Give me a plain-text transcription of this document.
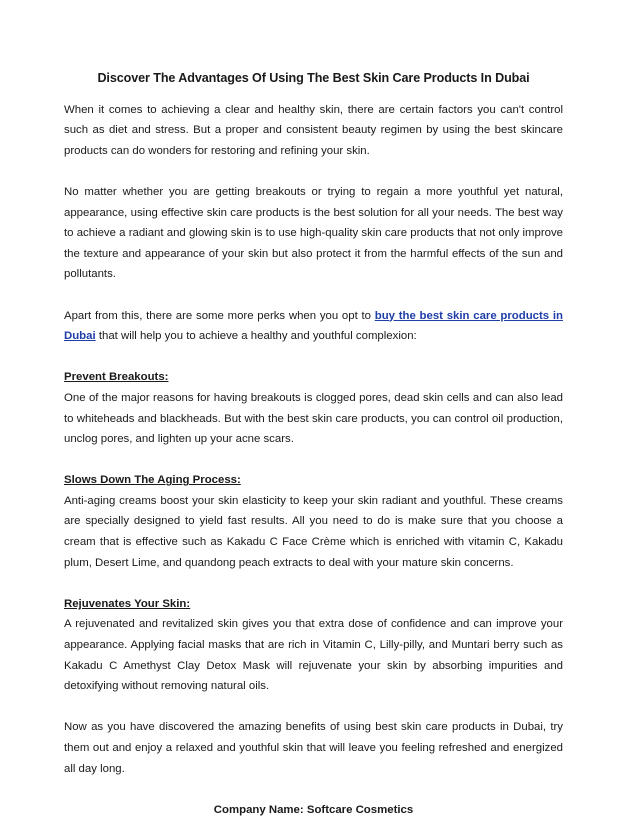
Discover The Advantages Of Using The Best Skin Care Products In Dubai

When it comes to achieving a clear and healthy skin, there are certain factors you can't control such as diet and stress. But a proper and consistent beauty regimen by using the best skincare products can do wonders for restoring and refining your skin.

No matter whether you are getting breakouts or trying to regain a more youthful yet natural, appearance, using effective skin care products is the best solution for all your needs. The best way to achieve a radiant and glowing skin is to use high-quality skin care products that not only improve the texture and appearance of your skin but also protect it from the harmful effects of the sun and pollutants.

Apart from this, there are some more perks when you opt to buy the best skin care products in Dubai that will help you to achieve a healthy and youthful complexion:

Prevent Breakouts:
One of the major reasons for having breakouts is clogged pores, dead skin cells and can also lead to whiteheads and blackheads. But with the best skin care products, you can control oil production, unclog pores, and lighten up your acne scars.

Slows Down The Aging Process:
Anti-aging creams boost your skin elasticity to keep your skin radiant and youthful. These creams are specially designed to yield fast results. All you need to do is make sure that you choose a cream that is effective such as Kakadu C Face Crème which is enriched with vitamin C, Kakadu plum, Desert Lime, and quandong peach extracts to deal with your mature skin concerns.

Rejuvenates Your Skin:
A rejuvenated and revitalized skin gives you that extra dose of confidence and can improve your appearance. Applying facial masks that are rich in Vitamin C, Lilly-pilly, and Muntari berry such as Kakadu C Amethyst Clay Detox Mask will rejuvenate your skin by absorbing impurities and detoxifying without removing natural oils.

Now as you have discovered the amazing benefits of using best skin care products in Dubai, try them out and enjoy a relaxed and youthful skin that will leave you feeling refreshed and energized all day long.

Company Name: Softcare Cosmetics
